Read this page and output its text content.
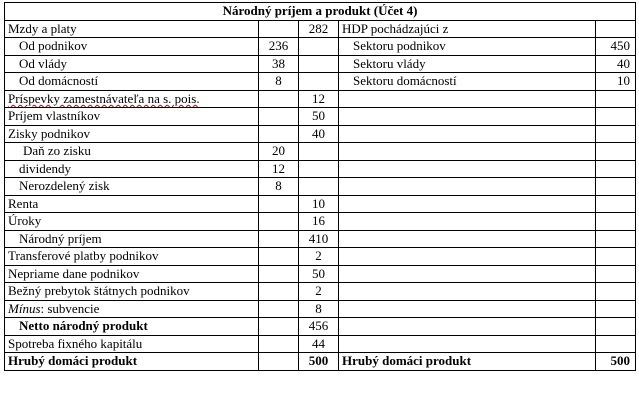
Národný príjem a produkt (Účet 4)				
Mzdy a platy		282	HDP pochádzajúci z	
Od podnikov	236		Sektoru podnikov	450
Od vlády	38		Sektoru vlády	40
Od domácností	8		Sektoru domácností	10
Príspevky zamestnávateľa na s. pois.		12		
Príjem vlastníkov		50		
Zisky podnikov		40		
Daň zo zisku	20			
dividendy	12			
Nerozdelený zisk	8			
Renta		10		
Úroky		16		
Národný príjem		410		
Transferové platby podnikov		2		
Nepriame dane podnikov		50		
Bežný prebytok štátnych podnikov		2		
Mínus: subvencie		8		
Netto národný produkt		456		
Spotreba fixného kapitálu		44		
Hrubý domáci produkt		500	Hrubý domáci produkt	500
